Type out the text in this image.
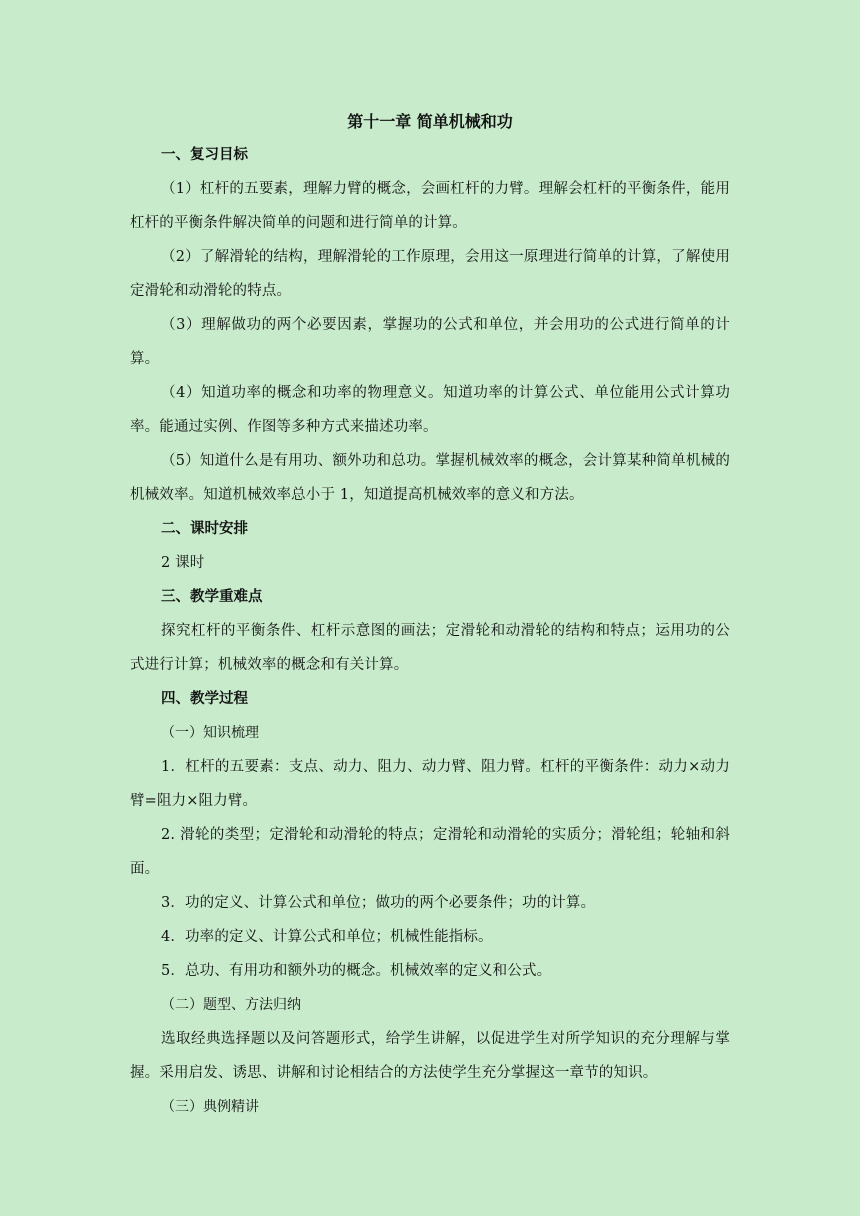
第十一章 简单机械和功

一、复习目标

（1）杠杆的五要素，理解力臂的概念，会画杠杆的力臂。理解会杠杆的平衡条件，能用杠杆的平衡条件解决简单的问题和进行简单的计算。

（2）了解滑轮的结构，理解滑轮的工作原理，会用这一原理进行简单的计算，了解使用定滑轮和动滑轮的特点。

（3）理解做功的两个必要因素，掌握功的公式和单位，并会用功的公式进行简单的计算。

（4）知道功率的概念和功率的物理意义。知道功率的计算公式、单位能用公式计算功率。能通过实例、作图等多种方式来描述功率。

（5）知道什么是有用功、额外功和总功。掌握机械效率的概念，会计算某种简单机械的机械效率。知道机械效率总小于 1，知道提高机械效率的意义和方法。

二、课时安排

2 课时

三、教学重难点

探究杠杆的平衡条件、杠杆示意图的画法；定滑轮和动滑轮的结构和特点；运用功的公式进行计算；机械效率的概念和有关计算。

四、教学过程

（一）知识梳理

1．杠杆的五要素：支点、动力、阻力、动力臂、阻力臂。杠杆的平衡条件：动力×动力臂=阻力×阻力臂。

2. 滑轮的类型；定滑轮和动滑轮的特点；定滑轮和动滑轮的实质分；滑轮组；轮轴和斜面。

3．功的定义、计算公式和单位；做功的两个必要条件；功的计算。

4．功率的定义、计算公式和单位；机械性能指标。

5．总功、有用功和额外功的概念。机械效率的定义和公式。

（二）题型、方法归纳

选取经典选择题以及问答题形式，给学生讲解，以促进学生对所学知识的充分理解与掌握。采用启发、诱思、讲解和讨论相结合的方法使学生充分掌握这一章节的知识。

（三）典例精讲
